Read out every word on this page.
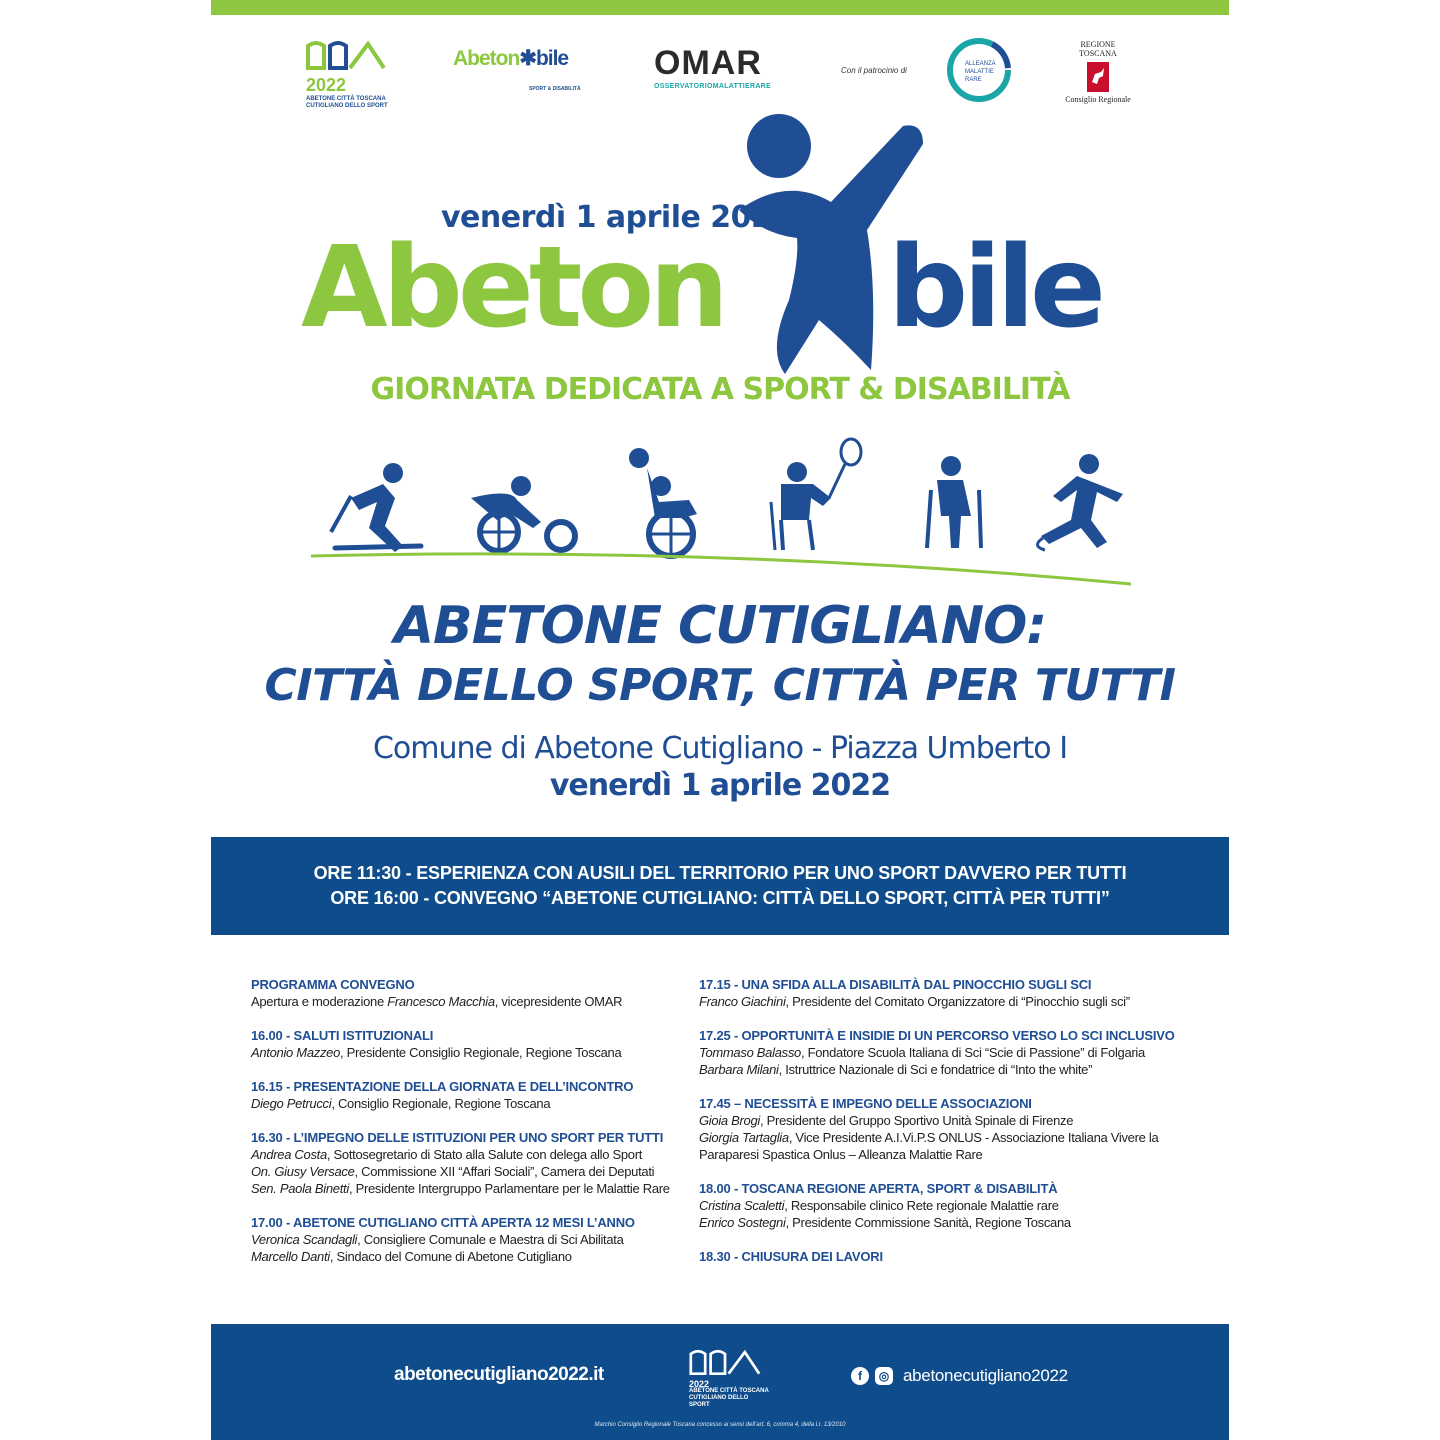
2022
ABETONE CITTÀ TOSCANA
CUTIGLIANO DELLO SPORT
Abeton✱bile
SPORT & DISABILITÀ
OMAR
OSSERVATORIOMALATTIERARE
Con il patrocinio di
ALLEANZA
MALATTIE
RARE
REGIONE TOSCANA
Consiglio Regionale
venerdì 1 aprile 2022
Abeton bile
GIORNATA DEDICATA A SPORT & DISABILITÀ
ABETONE CUTIGLIANO:
CITTÀ DELLO SPORT, CITTÀ PER TUTTI
Comune di Abetone Cutigliano - Piazza Umberto I
venerdì 1 aprile 2022
ORE 11:30 - ESPERIENZA CON AUSILI DEL TERRITORIO PER UNO SPORT DAVVERO PER TUTTI
ORE 16:00 - CONVEGNO “ABETONE CUTIGLIANO: CITTÀ DELLO SPORT, CITTÀ PER TUTTI”
PROGRAMMA CONVEGNO
Apertura e moderazione Francesco Macchia, vicepresidente OMAR
16.00 - SALUTI ISTITUZIONALI
Antonio Mazzeo, Presidente Consiglio Regionale, Regione Toscana
16.15 - PRESENTAZIONE DELLA GIORNATA E DELL’INCONTRO
Diego Petrucci, Consiglio Regionale, Regione Toscana
16.30 - L’IMPEGNO DELLE ISTITUZIONI PER UNO SPORT PER TUTTI
Andrea Costa, Sottosegretario di Stato alla Salute con delega allo Sport
On. Giusy Versace, Commissione XII “Affari Sociali”, Camera dei Deputati
Sen. Paola Binetti, Presidente Intergruppo Parlamentare per le Malattie Rare
17.00 - ABETONE CUTIGLIANO CITTÀ APERTA 12 MESI L’ANNO
Veronica Scandagli, Consigliere Comunale e Maestra di Sci Abilitata
Marcello Danti, Sindaco del Comune di Abetone Cutigliano
17.15 - UNA SFIDA ALLA DISABILITÀ DAL PINOCCHIO SUGLI SCI
Franco Giachini, Presidente del Comitato Organizzatore di “Pinocchio sugli sci”
17.25 - OPPORTUNITÀ E INSIDIE DI UN PERCORSO VERSO LO SCI INCLUSIVO
Tommaso Balasso, Fondatore Scuola Italiana di Sci “Scie di Passione” di Folgaria
Barbara Milani, Istruttrice Nazionale di Sci e fondatrice di “Into the white”
17.45 – NECESSITÀ E IMPEGNO DELLE ASSOCIAZIONI
Gioia Brogi, Presidente del Gruppo Sportivo Unità Spinale di Firenze
Giorgia Tartaglia, Vice Presidente A.I.Vi.P.S ONLUS - Associazione Italiana Vivere la
Paraparesi Spastica Onlus – Alleanza Malattie Rare
18.00 - TOSCANA REGIONE APERTA, SPORT & DISABILITÀ
Cristina Scaletti, Responsabile clinico Rete regionale Malattie rare
Enrico Sostegni, Presidente Commissione Sanità, Regione Toscana
18.30 - CHIUSURA DEI LAVORI
abetonecutigliano2022.it	2022
ABETONE CITTÀ TOSCANA
CUTIGLIANO DELLO SPORT
f	◎ abetonecutigliano2022
Marchio Consiglio Regionale Toscana concesso ai sensi dell’art. 6, comma 4, della l.r. 13/2010
